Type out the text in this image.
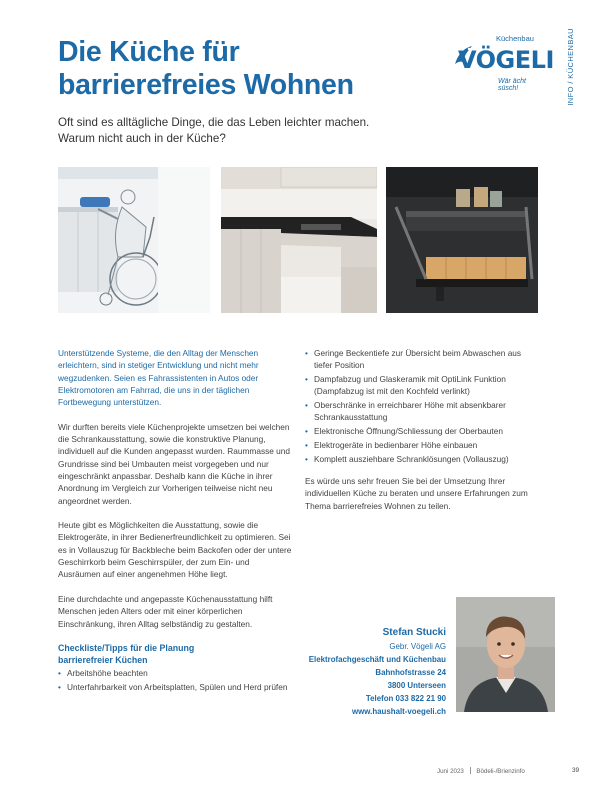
Die Küche für
barrierefreies Wohnen	INFO / KÜCHENBAU
Küchenbau
VÖGELI
Wär ächt süsch!
Oft sind es alltägliche Dinge, die das Leben leichter machen.
Warum nicht auch in der Küche?

Unterstützende Systeme, die den Alltag der Menschen erleichtern, sind in stetiger Entwicklung und nicht mehr wegzudenken. Seien es Fahrassistenten in Autos oder Elektromotoren am Fahrrad, die uns in der täglichen Fortbewegung unterstützen.

Wir durften bereits viele Küchenprojekte umsetzen bei welchen die Schrankausstattung, sowie die konstruktive Planung, individuell auf die Kunden angepasst wurden. Raummasse und Grundrisse sind bei Umbauten meist vorgegeben und nur eingeschränkt anpassbar. Deshalb kann die Küche in ihrer Anordnung im Vergleich zur Vorherigen teilweise nicht neu angeordnet werden.

Heute gibt es Möglichkeiten die Ausstattung, sowie die Elektrogeräte, in ihrer Bedienerfreundlichkeit zu optimieren. Sei es in Vollauszug für Backbleche beim Backofen oder der untere Geschirrkorb beim Geschirrspüler, der zum Ein- und Ausräumen auf einer angenehmen Höhe liegt.

Eine durchdachte und angepasste Küchenausstattung hilft Menschen jeden Alters oder mit einer körperlichen Einschränkung, ihren Alltag selbständig zu gestalten.

Checkliste/Tipps für die Planung
barrierefreier Küchen
• Arbeitshöhe beachten
• Unterfahrbarkeit von Arbeitsplatten, Spülen und Herd prüfen
• Geringe Beckentiefe zur Übersicht beim Abwaschen aus tiefer Position
• Dampfabzug und Glaskeramik mit OptiLink Funktion (Dampfabzug ist mit den Kochfeld verlinkt)
• Oberschränke in erreichbarer Höhe mit absenkbarer Schrankausstattung
• Elektronische Öffnung/Schliessung der Oberbauten
• Elektrogeräte in bedienbarer Höhe einbauen
• Komplett ausziehbare Schranklösungen (Vollauszug)

Es würde uns sehr freuen Sie bei der Umsetzung Ihrer individuellen Küche zu beraten und unsere Erfahrungen zum Thema barrierefreies Wohnen zu teilen.

Stefan Stucki
Gebr. Vögeli AG
Elektrofachgeschäft und Küchenbau
Bahnhofstrasse 24
3800 Unterseen
Telefon 033 822 21 90
www.haushalt-voegeli.ch
Juni 2023 Bödeli-/Brienzinfo	39
